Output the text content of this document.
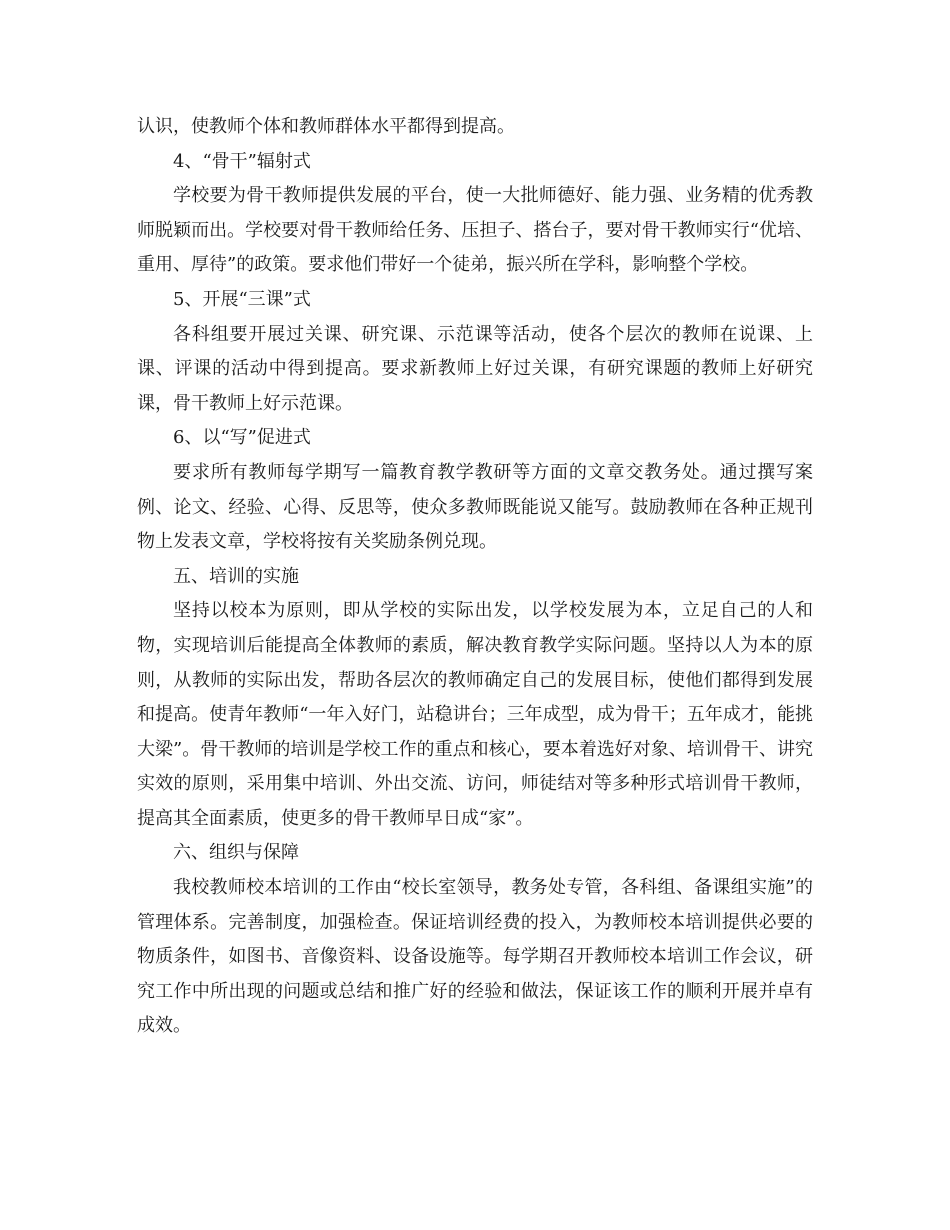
认识，使教师个体和教师群体水平都得到提高。

4、“骨干”辐射式

学校要为骨干教师提供发展的平台，使一大批师德好、能力强、业务精的优秀教师脱颖而出。学校要对骨干教师给任务、压担子、搭台子，要对骨干教师实行“优培、重用、厚待”的政策。要求他们带好一个徒弟，振兴所在学科，影响整个学校。

5、开展“三课”式

各科组要开展过关课、研究课、示范课等活动，使各个层次的教师在说课、上课、评课的活动中得到提高。要求新教师上好过关课，有研究课题的教师上好研究课，骨干教师上好示范课。

6、以“写”促进式

要求所有教师每学期写一篇教育教学教研等方面的文章交教务处。通过撰写案例、论文、经验、心得、反思等，使众多教师既能说又能写。鼓励教师在各种正规刊物上发表文章，学校将按有关奖励条例兑现。

五、培训的实施

坚持以校本为原则，即从学校的实际出发，以学校发展为本，立足自己的人和物，实现培训后能提高全体教师的素质，解决教育教学实际问题。坚持以人为本的原则，从教师的实际出发，帮助各层次的教师确定自己的发展目标，使他们都得到发展和提高。使青年教师“一年入好门，站稳讲台；三年成型，成为骨干；五年成才，能挑大梁”。骨干教师的培训是学校工作的重点和核心，要本着选好对象、培训骨干、讲究实效的原则，采用集中培训、外出交流、访问，师徒结对等多种形式培训骨干教师，提高其全面素质，使更多的骨干教师早日成“家”。

六、组织与保障

我校教师校本培训的工作由“校长室领导，教务处专管，各科组、备课组实施”的管理体系。完善制度，加强检查。保证培训经费的投入，为教师校本培训提供必要的物质条件，如图书、音像资料、设备设施等。每学期召开教师校本培训工作会议，研究工作中所出现的问题或总结和推广好的经验和做法，保证该工作的顺利开展并卓有成效。
